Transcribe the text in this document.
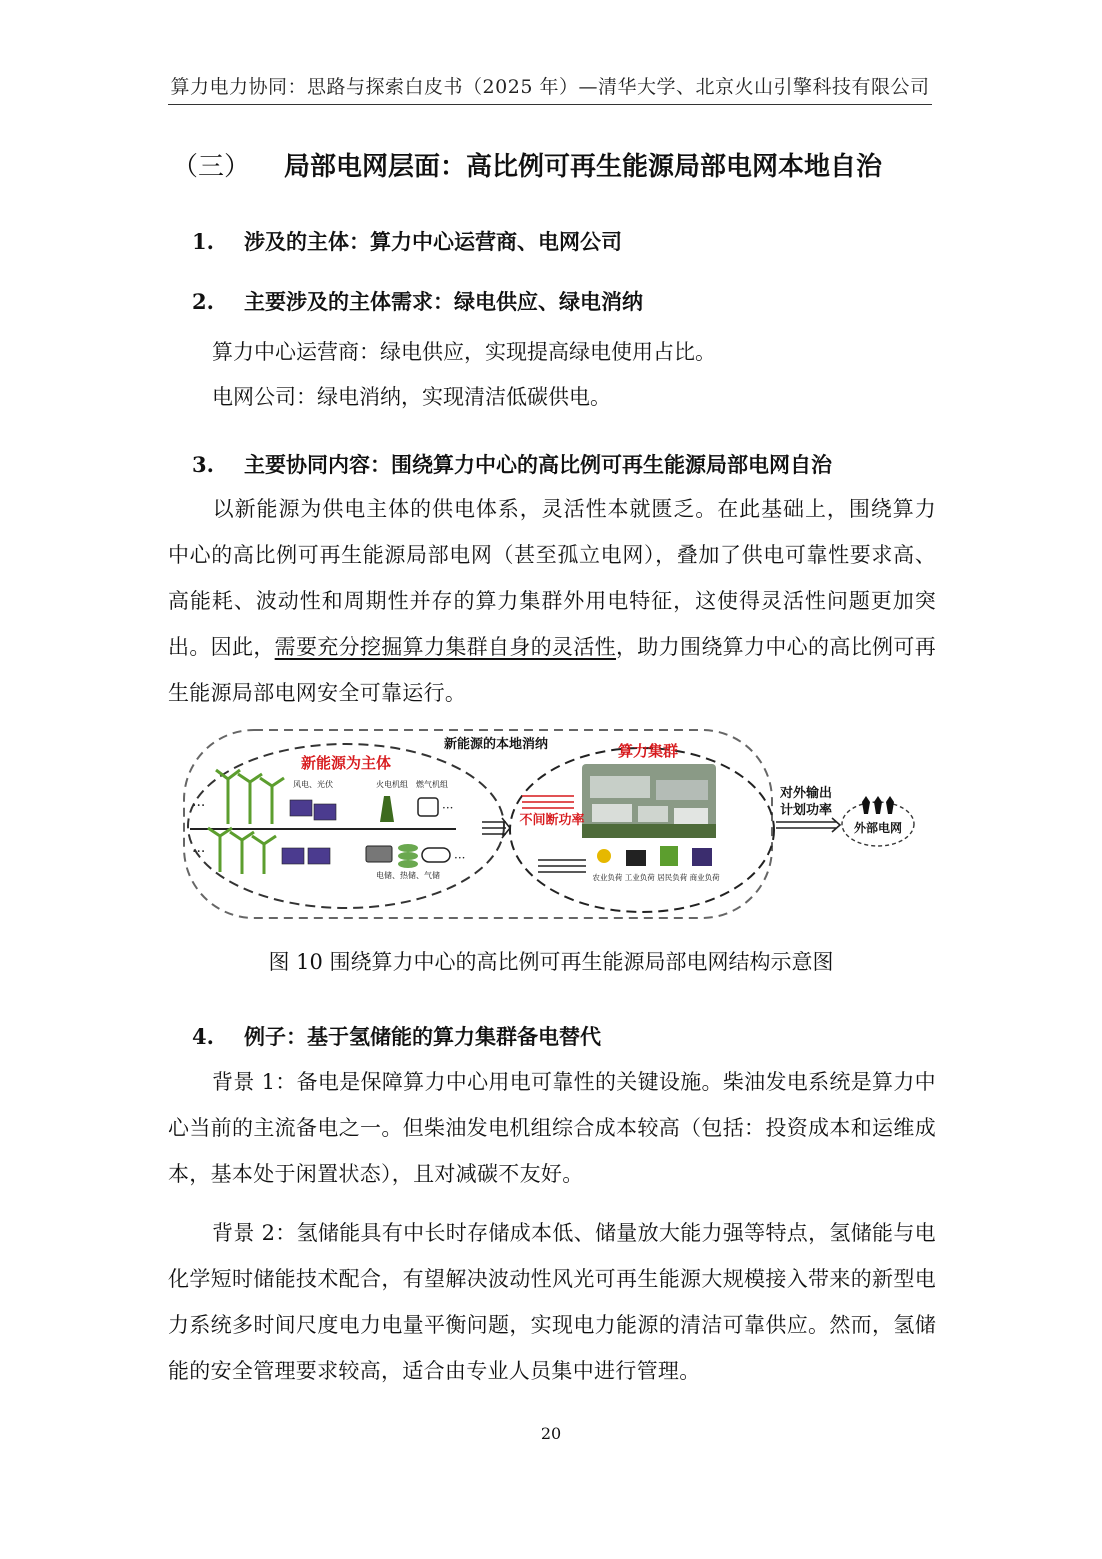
算力电力协同：思路与探索白皮书（2025 年）—清华大学、北京火山引擎科技有限公司
（三） 局部电网层面：高比例可再生能源局部电网本地自治
1. 涉及的主体：算力中心运营商、电网公司
2. 主要涉及的主体需求：绿电供应、绿电消纳
算力中心运营商：绿电供应，实现提高绿电使用占比。
电网公司：绿电消纳，实现清洁低碳供电。
3. 主要协同内容：围绕算力中心的高比例可再生能源局部电网自治
以新能源为供电主体的供电体系，灵活性本就匮乏。在此基础上，围绕算力中心的高比例可再生能源局部电网（甚至孤立电网），叠加了供电可靠性要求高、高能耗、波动性和周期性并存的算力集群外用电特征，这使得灵活性问题更加突出。因此，需要充分挖掘算力集群自身的灵活性，助力围绕算力中心的高比例可再生能源局部电网安全可靠运行。
新能源的本地消纳
新能源为主体
风电、光伏	火电机组 燃气机组
电储、热储、气储
···
···
···
···
算力集群
不间断功率
农业负荷 工业负荷 居民负荷 商业负荷
对外输出
计划功率
外部电网
图 10 围绕算力中心的高比例可再生能源局部电网结构示意图
4. 例子：基于氢储能的算力集群备电替代
背景 1：备电是保障算力中心用电可靠性的关键设施。柴油发电系统是算力中心当前的主流备电之一。但柴油发电机组综合成本较高（包括：投资成本和运维成本，基本处于闲置状态），且对减碳不友好。
背景 2：氢储能具有中长时存储成本低、储量放大能力强等特点，氢储能与电化学短时储能技术配合，有望解决波动性风光可再生能源大规模接入带来的新型电力系统多时间尺度电力电量平衡问题，实现电力能源的清洁可靠供应。然而，氢储能的安全管理要求较高，适合由专业人员集中进行管理。
20
